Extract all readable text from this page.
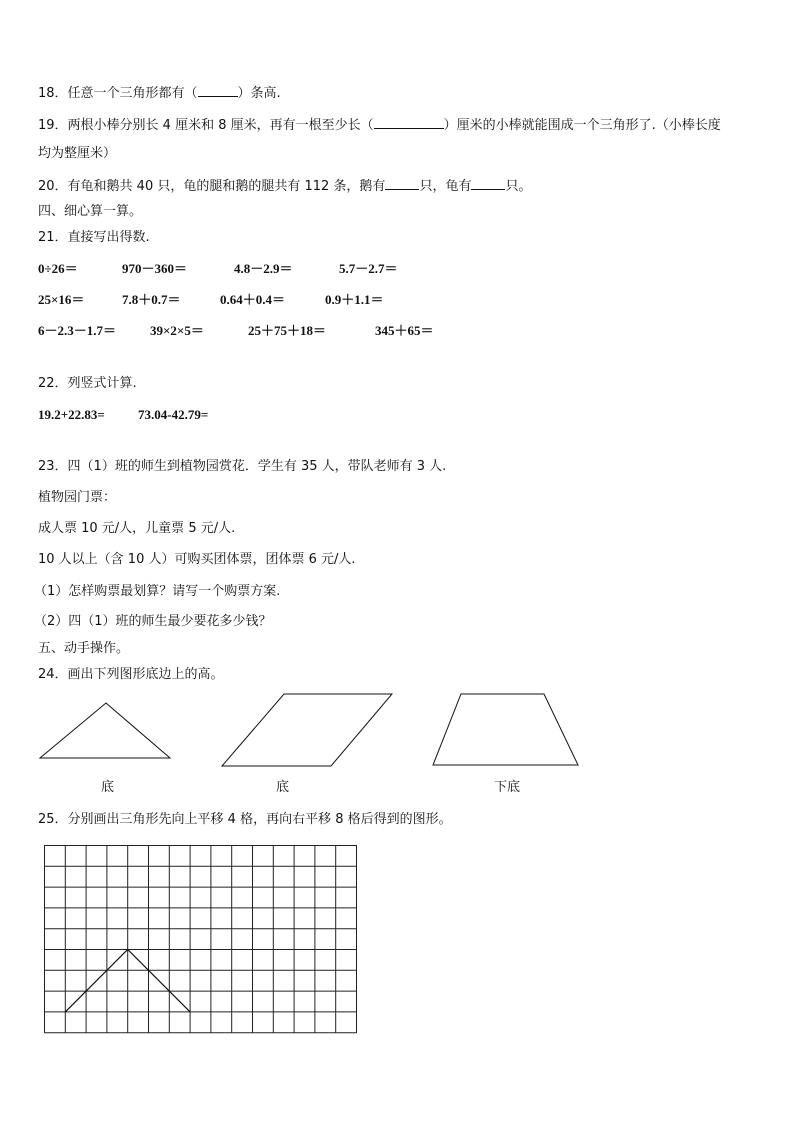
18．任意一个三角形都有（	）条高.
19．两根小棒分别长 4 厘米和 8 厘米，再有一根至少长（	）厘米的小棒就能围成一个三角形了.（小棒长度
均为整厘米）
20．有龟和鹅共 40 只，龟的腿和鹅的腿共有 112 条，鹅有	只，龟有	只。
四、细心算一算。
21．直接写出得数.
0÷26＝	970－360＝	4.8－2.9＝	5.7－2.7＝
25×16＝	7.8＋0.7＝	0.64＋0.4＝	0.9＋1.1＝
6－2.3－1.7＝	39×2×5＝	25＋75＋18＝	345＋65＝
22．列竖式计算.
19.2+22.83=	73.04-42.79=
23．四（1）班的师生到植物园赏花．学生有 35 人，带队老师有 3 人.
植物园门票：
成人票 10 元/人，儿童票 5 元/人.
10 人以上（含 10 人）可购买团体票，团体票 6 元/人.
（1）怎样购票最划算？请写一个购票方案.
（2）四（1）班的师生最少要花多少钱？
五、动手操作。
24．画出下列图形底边上的高。
底	底	下底
25．分别画出三角形先向上平移 4 格，再向右平移 8 格后得到的图形。
